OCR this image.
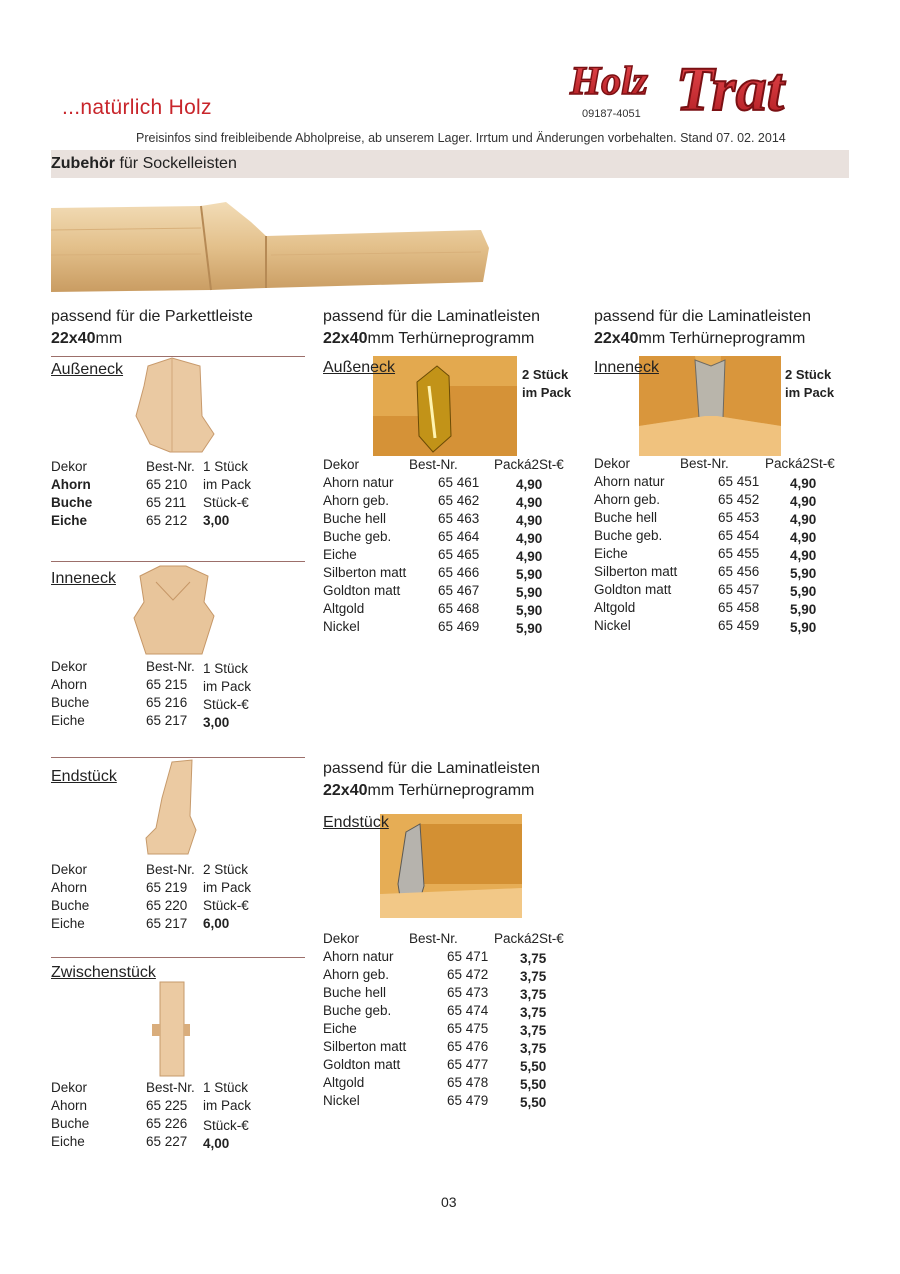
...natürlich Holz
Holz Trat
09187-4051
Preisinfos sind freibleibende Abholpreise, ab unserem Lager. Irrtum und Änderungen vorbehalten. Stand 07. 02. 2014
Zubehör für Sockelleisten
passend für die Parkettleiste
22x40mm
Außeneck
Dekor	Best-Nr. 1 Stück
Ahorn	65 210 im Pack
Buche	65 211 Stück-€
Eiche	65 212 3,00
Inneneck
Dekor	Best-Nr. 1 Stück
Ahorn	65 215 im Pack
Buche	65 216 Stück-€
Eiche	65 217 3,00
Endstück
Dekor	Best-Nr. 2 Stück
Ahorn	65 219 im Pack
Buche	65 220 Stück-€
Eiche	65 217 6,00
Zwischenstück
Dekor	Best-Nr. 1 Stück
Ahorn	65 225 im Pack
Buche	65 226 Stück-€
Eiche	65 227 4,00
passend für die Laminatleisten
22x40mm Terhürneprogramm
Außeneck	2 Stück
im Pack
Dekor	Best-Nr.	Packá2St-€
Ahorn natur	65 461	4,90
Ahorn geb.	65 462	4,90
Buche hell	65 463	4,90
Buche geb.	65 464	4,90
Eiche	65 465	4,90
Silberton matt 65 466	5,90
Goldton matt	65 467	5,90
Altgold	65 468	5,90
Nickel	65 469	5,90
passend für die Laminatleisten
22x40mm Terhürneprogramm
Inneneck	2 Stück
im Pack
Dekor	Best-Nr.	Packá2St-€
Ahorn natur	65 451 4,90
Ahorn geb.	65 452 4,90
Buche hell	65 453 4,90
Buche geb.	65 454 4,90
Eiche	65 455 4,90
Silberton matt	65 456 5,90
Goldton matt	65 457 5,90
Altgold	65 458 5,90
Nickel	65 459 5,90
passend für die Laminatleisten
22x40mm Terhürneprogramm
Endstück
Dekor	Best-Nr.	Packá2St-€
Ahorn natur	65 471 3,75
Ahorn geb.	65 472 3,75
Buche hell	65 473 3,75
Buche geb.	65 474 3,75
Eiche	65 475 3,75
Silberton matt	65 476 3,75
Goldton matt	65 477 5,50
Altgold	65 478 5,50
Nickel	65 479 5,50
03
